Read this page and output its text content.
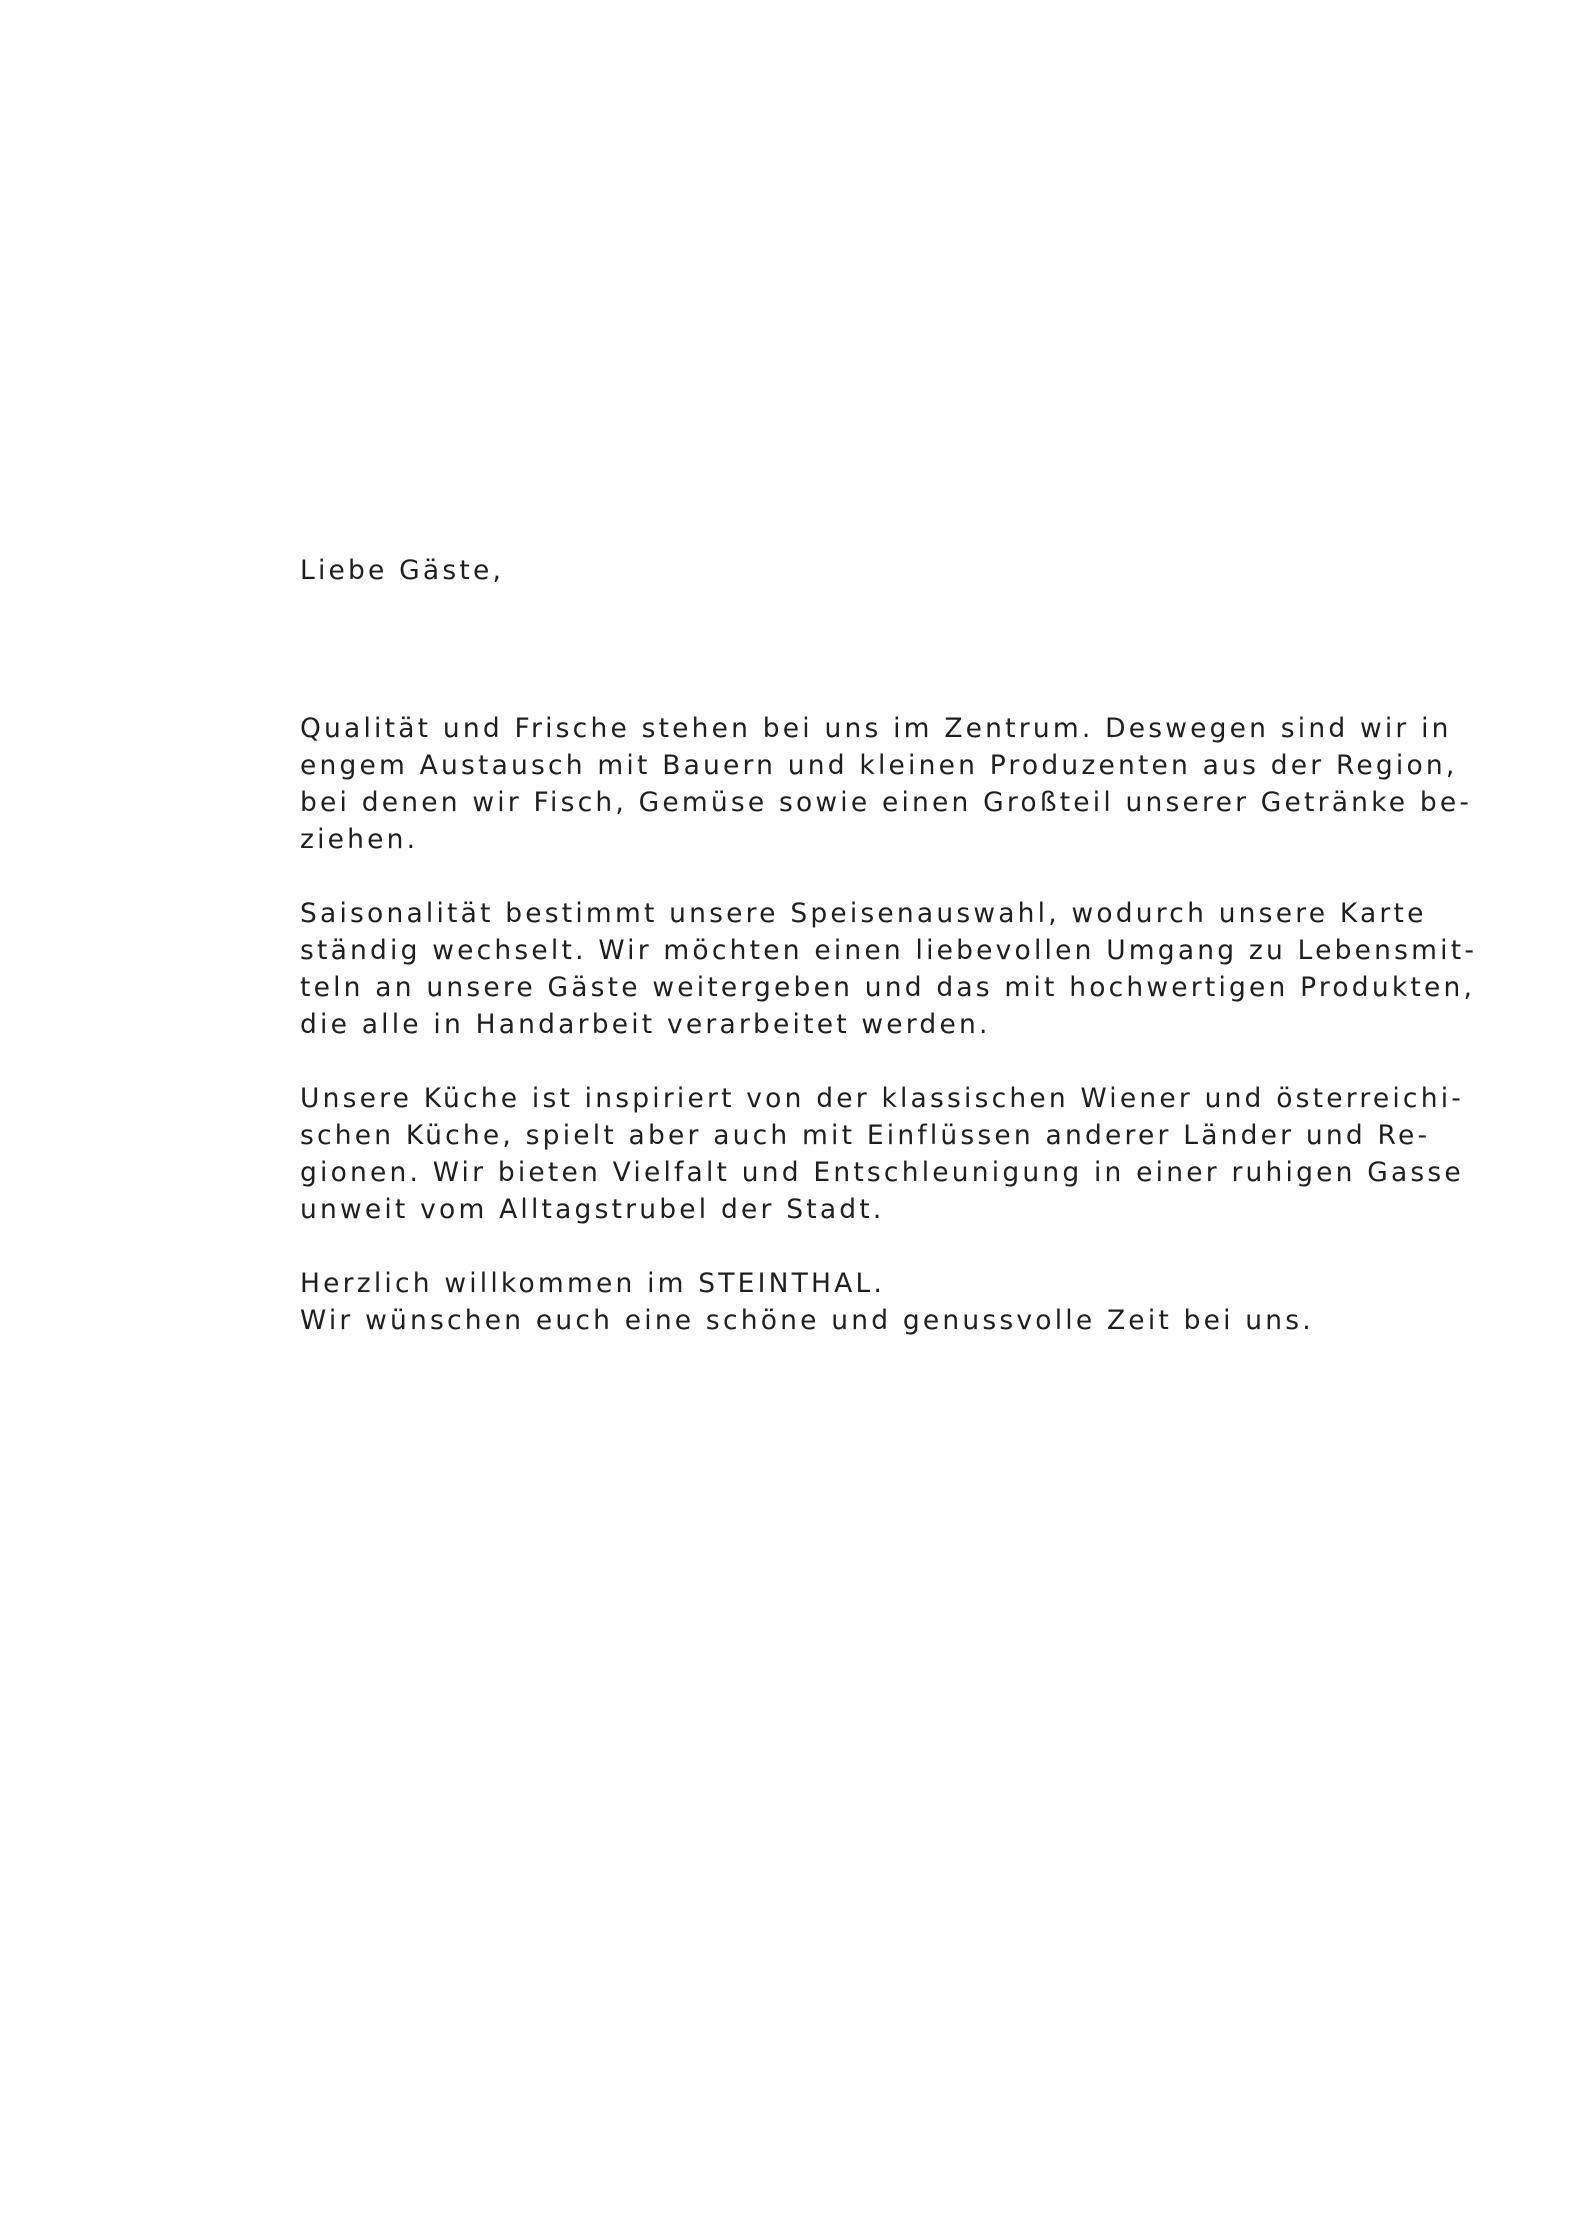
Liebe Gäste,

Qualität und Frische stehen bei uns im Zentrum. Deswegen sind wir in
engem Austausch mit Bauern und kleinen Produzenten aus der Region,
bei denen wir Fisch, Gemüse sowie einen Großteil unserer Getränke be-
ziehen.

Saisonalität bestimmt unsere Speisenauswahl, wodurch unsere Karte
ständig wechselt. Wir möchten einen liebevollen Umgang zu Lebensmit-
teln an unsere Gäste weitergeben und das mit hochwertigen Produkten,
die alle in Handarbeit verarbeitet werden.

Unsere Küche ist inspiriert von der klassischen Wiener und österreichi-
schen Küche, spielt aber auch mit Einflüssen anderer Länder und Re-
gionen. Wir bieten Vielfalt und Entschleunigung in einer ruhigen Gasse
unweit vom Alltagstrubel der Stadt.

Herzlich willkommen im STEINTHAL.
Wir wünschen euch eine schöne und genussvolle Zeit bei uns.
